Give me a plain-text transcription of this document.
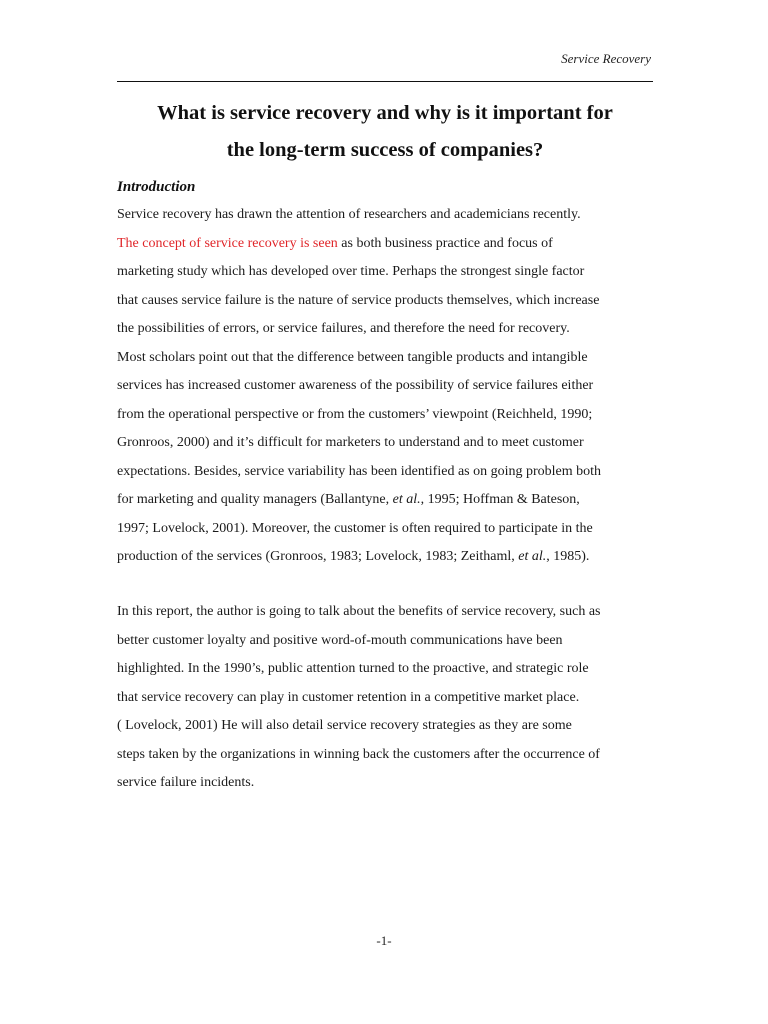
Service Recovery
What is service recovery and why is it important for
the long-term success of companies?
Introduction

Service recovery has drawn the attention of researchers and academicians recently.
The concept of service recovery is seen as both business practice and focus of
marketing study which has developed over time. Perhaps the strongest single factor
that causes service failure is the nature of service products themselves, which increase
the possibilities of errors, or service failures, and therefore the need for recovery.
Most scholars point out that the difference between tangible products and intangible
services has increased customer awareness of the possibility of service failures either
from the operational perspective or from the customers’ viewpoint (Reichheld, 1990;
Gronroos, 2000) and it’s difficult for marketers to understand and to meet customer
expectations. Besides, service variability has been identified as on going problem both
for marketing and quality managers (Ballantyne, et al., 1995; Hoffman & Bateson,
1997; Lovelock, 2001). Moreover, the customer is often required to participate in the
production of the services (Gronroos, 1983; Lovelock, 1983; Zeithaml, et al., 1985).

In this report, the author is going to talk about the benefits of service recovery, such as
better customer loyalty and positive word-of-mouth communications have been
highlighted. In the 1990’s, public attention turned to the proactive, and strategic role
that service recovery can play in customer retention in a competitive market place.
( Lovelock, 2001) He will also detail service recovery strategies as they are some
steps taken by the organizations in winning back the customers after the occurrence of
service failure incidents.

-1-
